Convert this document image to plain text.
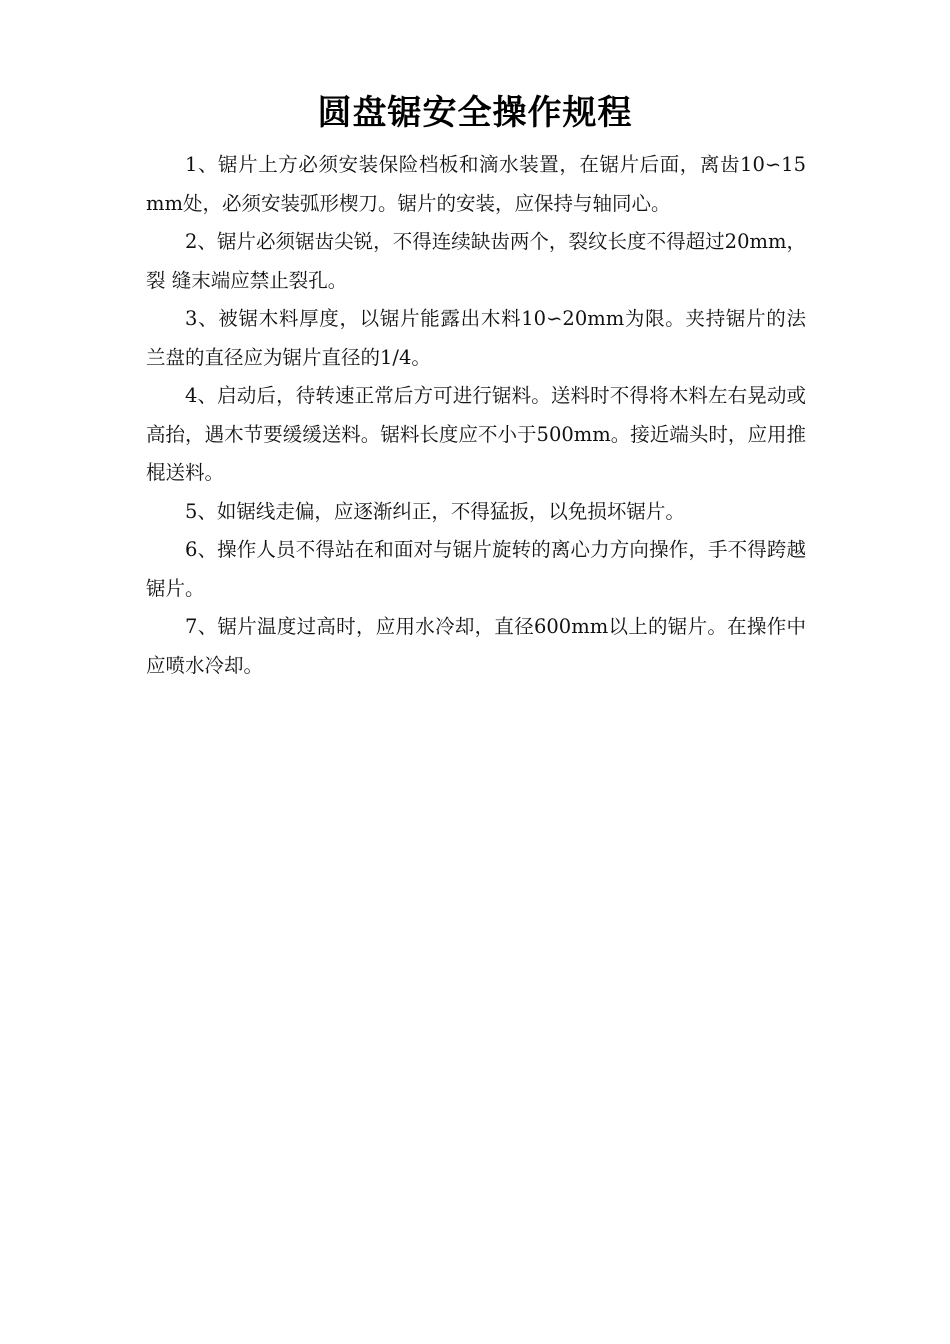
圆盘锯安全操作规程

1、锯片上方必须安装保险档板和滴水装置，在锯片后面，离齿10∽15mm处，必须安装弧形楔刀。锯片的安装，应保持与轴同心。

2、锯片必须锯齿尖锐，不得连续缺齿两个，裂纹长度不得超过20mm，裂 缝末端应禁止裂孔。

3、被锯木料厚度，以锯片能露出木料10∽20mm为限。夹持锯片的法兰盘的直径应为锯片直径的1/4。

4、启动后，待转速正常后方可进行锯料。送料时不得将木料左右晃动或高抬，遇木节要缓缓送料。锯料长度应不小于500mm。接近端头时，应用推棍送料。

5、如锯线走偏，应逐渐纠正，不得猛扳，以免损坏锯片。

6、操作人员不得站在和面对与锯片旋转的离心力方向操作，手不得跨越锯片。

7、锯片温度过高时，应用水冷却，直径600mm以上的锯片。在操作中应喷水冷却。
